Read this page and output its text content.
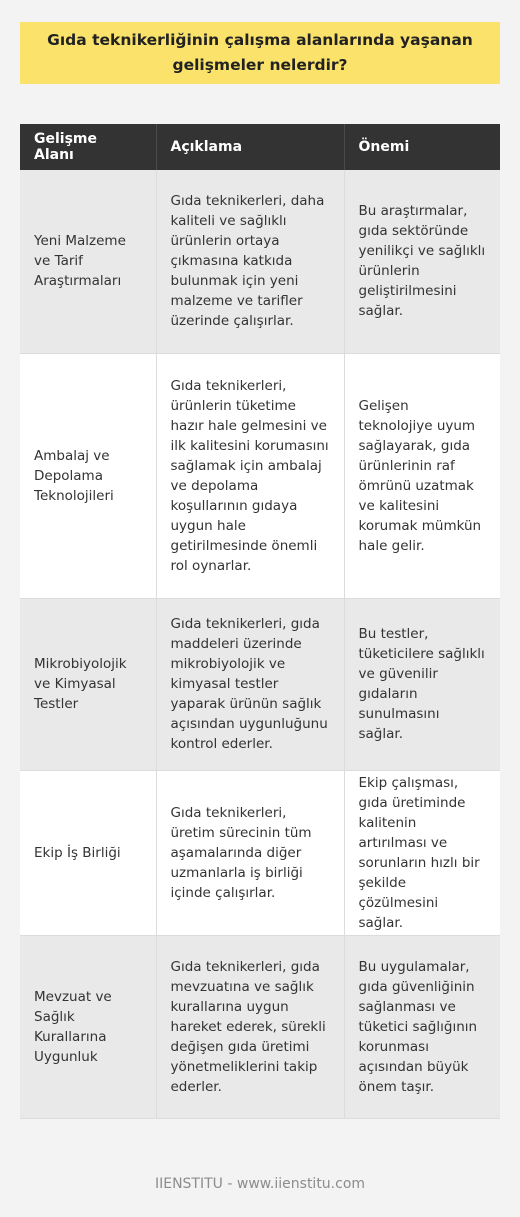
Gıda teknikerliğinin çalışma alanlarında yaşanan gelişmeler nelerdir?
Gelişme Alanı	Açıklama	Önemi

Yeni Malzeme ve Tarif Araştırmaları	Gıda teknikerleri, daha kaliteli ve sağlıklı ürünlerin ortaya çıkmasına katkıda bulunmak için yeni malzeme ve tarifler üzerinde çalışırlar.	Bu araştırmalar, gıda sektöründe yenilikçi ve sağlıklı ürünlerin geliştirilmesini sağlar.

Ambalaj ve Depolama Teknolojileri	Gıda teknikerleri, ürünlerin tüketime hazır hale gelmesini ve ilk kalitesini korumasını sağlamak için ambalaj ve depolama koşullarının gıdaya uygun hale getirilmesinde önemli rol oynarlar.	Gelişen teknolojiye uyum sağlayarak, gıda ürünlerinin raf ömrünü uzatmak ve kalitesini korumak mümkün hale gelir.

Mikrobiyolojik ve Kimyasal Testler	Gıda teknikerleri, gıda maddeleri üzerinde mikrobiyolojik ve kimyasal testler yaparak ürünün sağlık açısından uygunluğunu kontrol ederler.	Bu testler, tüketicilere sağlıklı ve güvenilir gıdaların sunulmasını sağlar.

Ekip İş Birliği	Gıda teknikerleri, üretim sürecinin tüm aşamalarında diğer uzmanlarla iş birliği içinde çalışırlar.	Ekip çalışması, gıda üretiminde kalitenin artırılması ve sorunların hızlı bir şekilde çözülmesini sağlar.

Mevzuat ve Sağlık Kurallarına Uygunluk	Gıda teknikerleri, gıda mevzuatına ve sağlık kurallarına uygun hareket ederek, sürekli değişen gıda üretimi yönetmeliklerini takip ederler.	Bu uygulamalar, gıda güvenliğinin sağlanması ve tüketici sağlığının korunması açısından büyük önem taşır.
IIENSTITU - www.iienstitu.com
